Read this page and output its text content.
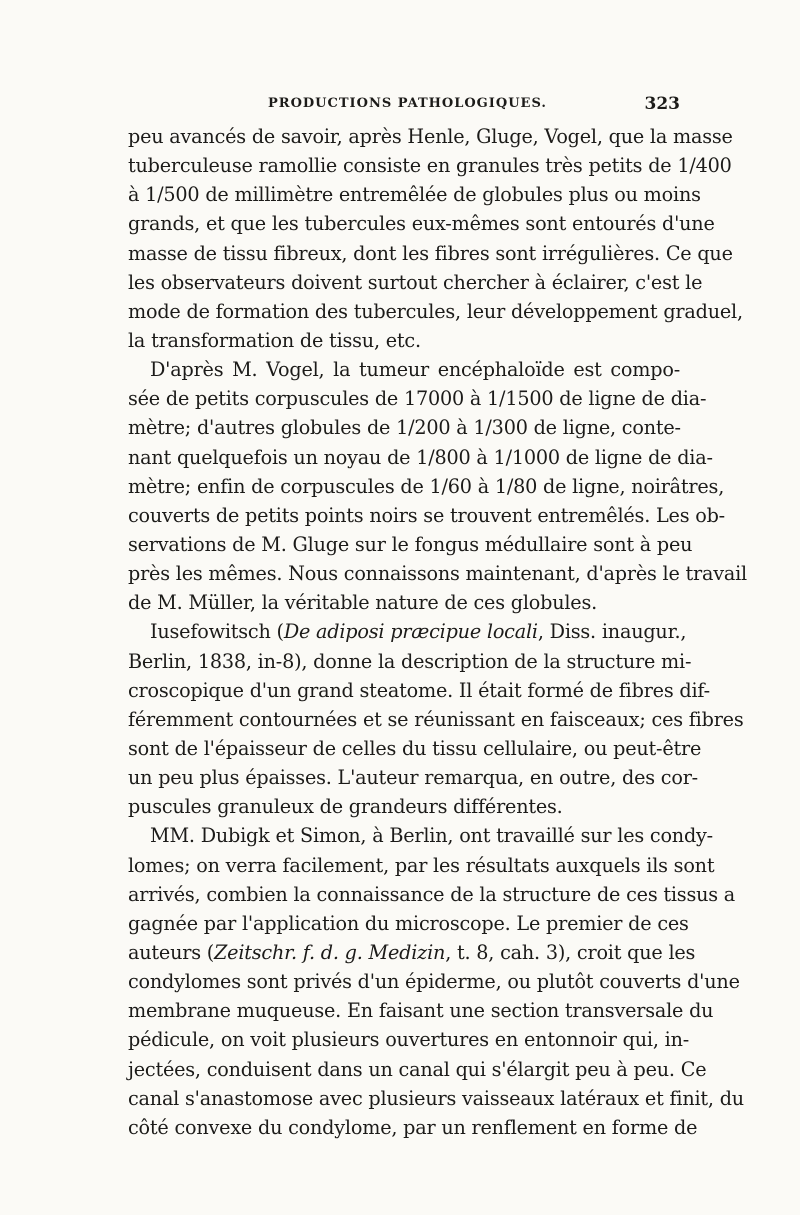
PRODUCTIONS PATHOLOGIQUES.	323
peu avancés de savoir, après Henle, Gluge, Vogel, que la masse
tuberculeuse ramollie consiste en granules très petits de 1/400
à 1/500 de millimètre entremêlée de globules plus ou moins
grands, et que les tubercules eux-mêmes sont entourés d'une
masse de tissu fibreux, dont les fibres sont irrégulières. Ce que
les observateurs doivent surtout chercher à éclairer, c'est le
mode de formation des tubercules, leur développement graduel,
la transformation de tissu, etc.
D'après M. Vogel, la tumeur encéphaloïde est compo-
sée de petits corpuscules de 17000 à 1/1500 de ligne de dia-
mètre; d'autres globules de 1/200 à 1/300 de ligne, conte-
nant quelquefois un noyau de 1/800 à 1/1000 de ligne de dia-
mètre; enfin de corpuscules de 1/60 à 1/80 de ligne, noirâtres,
couverts de petits points noirs se trouvent entremêlés. Les ob-
servations de M. Gluge sur le fongus médullaire sont à peu
près les mêmes. Nous connaissons maintenant, d'après le travail
de M. Müller, la véritable nature de ces globules.
Iusefowitsch (De adiposi præcipue locali, Diss. inaugur.,
Berlin, 1838, in-8), donne la description de la structure mi-
croscopique d'un grand steatome. Il était formé de fibres dif-
féremment contournées et se réunissant en faisceaux; ces fibres
sont de l'épaisseur de celles du tissu cellulaire, ou peut-être
un peu plus épaisses. L'auteur remarqua, en outre, des cor-
puscules granuleux de grandeurs différentes.
MM. Dubigk et Simon, à Berlin, ont travaillé sur les condy-
lomes; on verra facilement, par les résultats auxquels ils sont
arrivés, combien la connaissance de la structure de ces tissus a
gagnée par l'application du microscope. Le premier de ces
auteurs (Zeitschr. f. d. g. Medizin, t. 8, cah. 3), croit que les
condylomes sont privés d'un épiderme, ou plutôt couverts d'une
membrane muqueuse. En faisant une section transversale du
pédicule, on voit plusieurs ouvertures en entonnoir qui, in-
jectées, conduisent dans un canal qui s'élargit peu à peu. Ce
canal s'anastomose avec plusieurs vaisseaux latéraux et finit, du
côté convexe du condylome, par un renflement en forme de
